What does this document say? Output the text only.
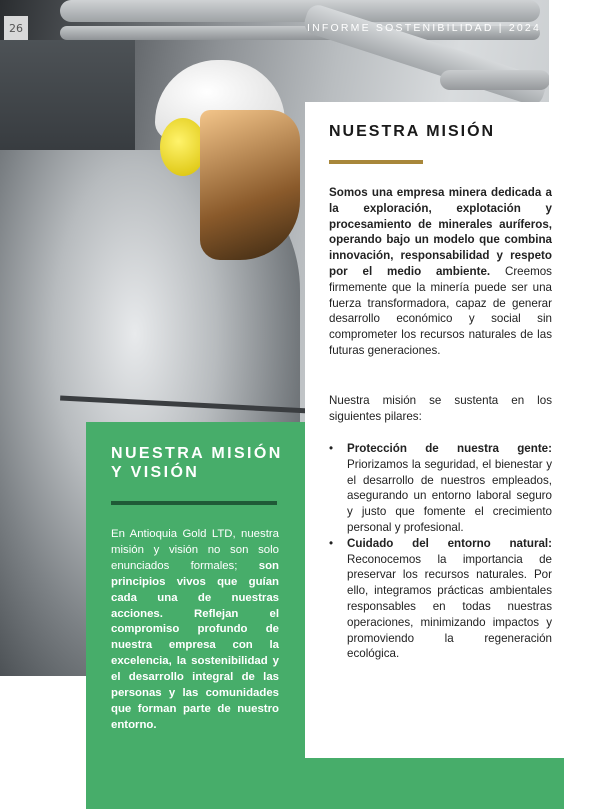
26	INFORME SOSTENIBILIDAD | 2024
NUESTRA MISIÓN

Somos una empresa minera dedicada a la exploración, explotación y procesamiento de minerales auríferos, operando bajo un modelo que combina innovación, responsabilidad y respeto por el medio ambiente. Creemos firmemente que la minería puede ser una fuerza transformadora, capaz de generar desarrollo económico y social sin comprometer los recursos naturales de las futuras generaciones.

Nuestra misión se sustenta en los siguientes pilares:

• Protección de nuestra gente: Priorizamos la seguridad, el bienestar y el desarrollo de nuestros empleados, asegurando un entorno laboral seguro y justo que fomente el crecimiento personal y profesional.
• Cuidado del entorno natural: Reconocemos la importancia de preservar los recursos naturales. Por ello, integramos prácticas ambientales responsables en todas nuestras operaciones, minimizando impactos y promoviendo la regeneración ecológica.
NUESTRA MISIÓN Y VISIÓN

En Antioquia Gold LTD, nuestra misión y visión no son solo enunciados formales; son principios vivos que guían cada una de nuestras acciones. Reflejan el compromiso profundo de nuestra empresa con la excelencia, la sostenibilidad y el desarrollo integral de las personas y las comunidades que forman parte de nuestro entorno.
